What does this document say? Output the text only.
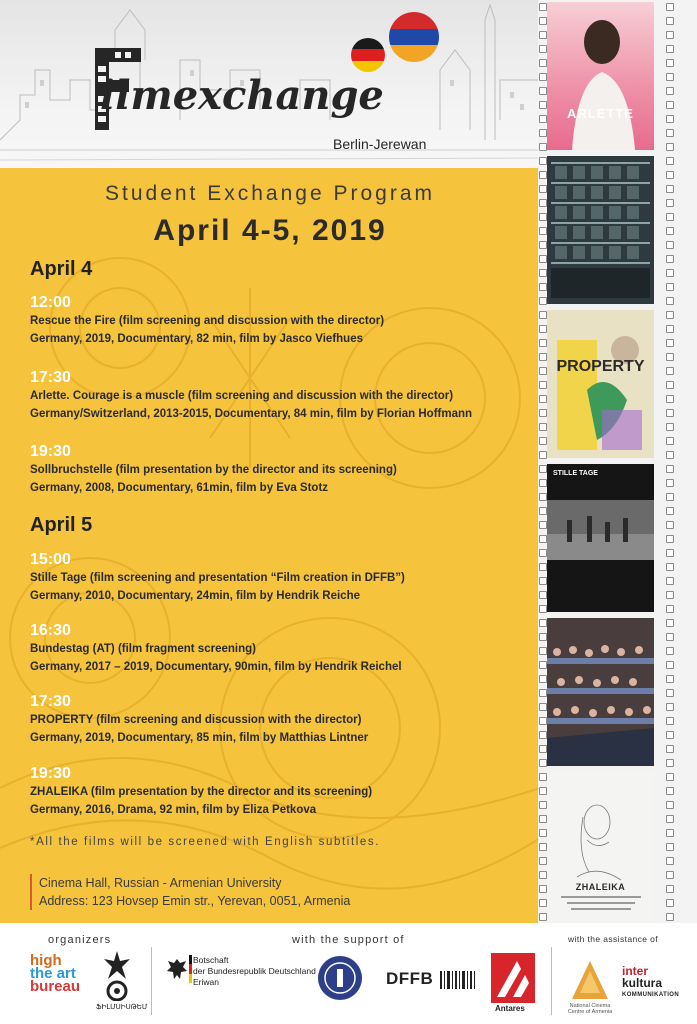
ilmexchange
Berlin-Jerewan
Student Exchange Program
April 4-5, 2019
April 4
12:00
Rescue the Fire (film screening and discussion with the director)
Germany, 2019, Documentary, 82 min, film by Jasco Viefhues
17:30
Arlette. Courage is a muscle (film screening and discussion with the director)
Germany/Switzerland, 2013-2015, Documentary, 84 min, film by Florian Hoffmann
19:30
Sollbruchstelle (film presentation by the director and its screening)
Germany, 2008, Documentary, 61min, film by Eva Stotz
April 5
15:00
Stille Tage (film screening and presentation “Film creation in DFFB”)
Germany, 2010, Documentary, 24min, film by Hendrik Reiche
16:30
Bundestag (AT) (film fragment screening)
Germany, 2017 – 2019, Documentary, 90min, film by Hendrik Reichel
17:30
PROPERTY (film screening and discussion with the director)
Germany, 2019, Documentary, 85 min, film by Matthias Lintner
19:30
ZHALEIKA (film presentation by the director and its screening)
Germany, 2016, Drama, 92 min, film by Eliza Petkova
*All the films will be screened with English subtitles.
Cinema Hall, Russian - Armenian University
Address: 123 Hovsep Emin str., Yerevan, 0051, Armenia
ARLETTE
PROPERTY
STILLE TAGE
ZHALEIKA
organizers	with the support of	with the assistance of
high
the art
bureau
ՖԻԼՄՍԻՍԹԵՄ
Botschaft
der Bundesrepublik Deutschland
Eriwan	DFFB
Antares	National Cinema Centre of Armenia
inter
kultura
KOMMUNIKATION
